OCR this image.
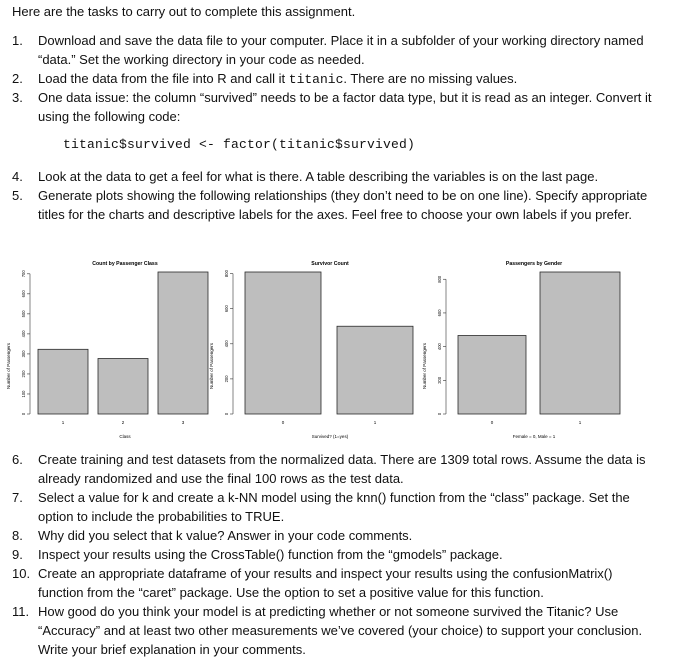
Here are the tasks to carry out to complete this assignment.
1.	Download and save the data file to your computer. Place it in a subfolder of your working directory named “data.” Set the working directory in your code as needed.
2.	Load the data from the file into R and call it titanic. There are no missing values.
3.	One data issue: the column “survived” needs to be a factor data type, but it is read as an integer. Convert it using the following code:
titanic$survived <- factor(titanic$survived)
4.	Look at the data to get a feel for what is there. A table describing the variables is on the last page.
5.	Generate plots showing the following relationships (they don’t need to be on one line). Specify appropriate titles for the charts and descriptive labels for the axes. Feel free to choose your own labels if you prefer.
Count by Passenger Class
Number of Passengers
Class
0
100
200
300
400
500
600
700
1	2	3
Survivor Count
Number of Passengers
Survived? (1=yes)
0
200
400
600
800
0	1
Passengers by Gender
Number of Passengers
Female = 0, Male = 1
0
200
400
600
800
0	1
6.	Create training and test datasets from the normalized data. There are 1309 total rows. Assume the data is already randomized and use the final 100 rows as the test data.
7.	Select a value for k and create a k-NN model using the knn() function from the “class” package. Set the option to include the probabilities to TRUE.
8.	Why did you select that k value? Answer in your code comments.
9.	Inspect your results using the CrossTable() function from the “gmodels” package.
10. Create an appropriate dataframe of your results and inspect your results using the confusionMatrix() function from the “caret” package. Use the option to set a positive value for this function.
11. How good do you think your model is at predicting whether or not someone survived the Titanic? Use “Accuracy” and at least two other measurements we’ve covered (your choice) to support your conclusion. Write your brief explanation in your comments.
